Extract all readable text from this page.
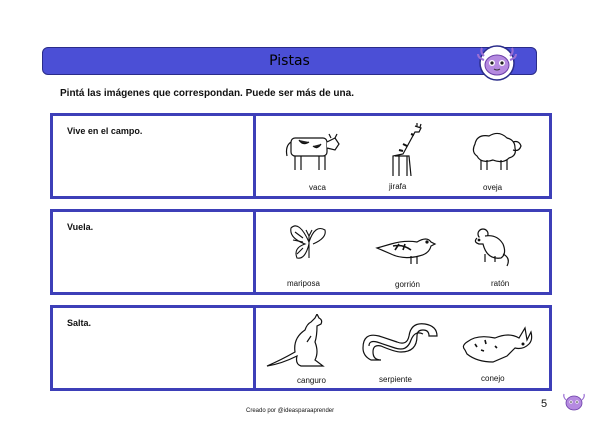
Pistas
Pintá las imágenes que correspondan. Puede ser más de una.
Vive en el campo.
vaca	jirafa	oveja
Vuela.
mariposa	gorrión	ratón
Salta.
canguro	serpiente	conejo
Creado por @ideasparaaprender
5
